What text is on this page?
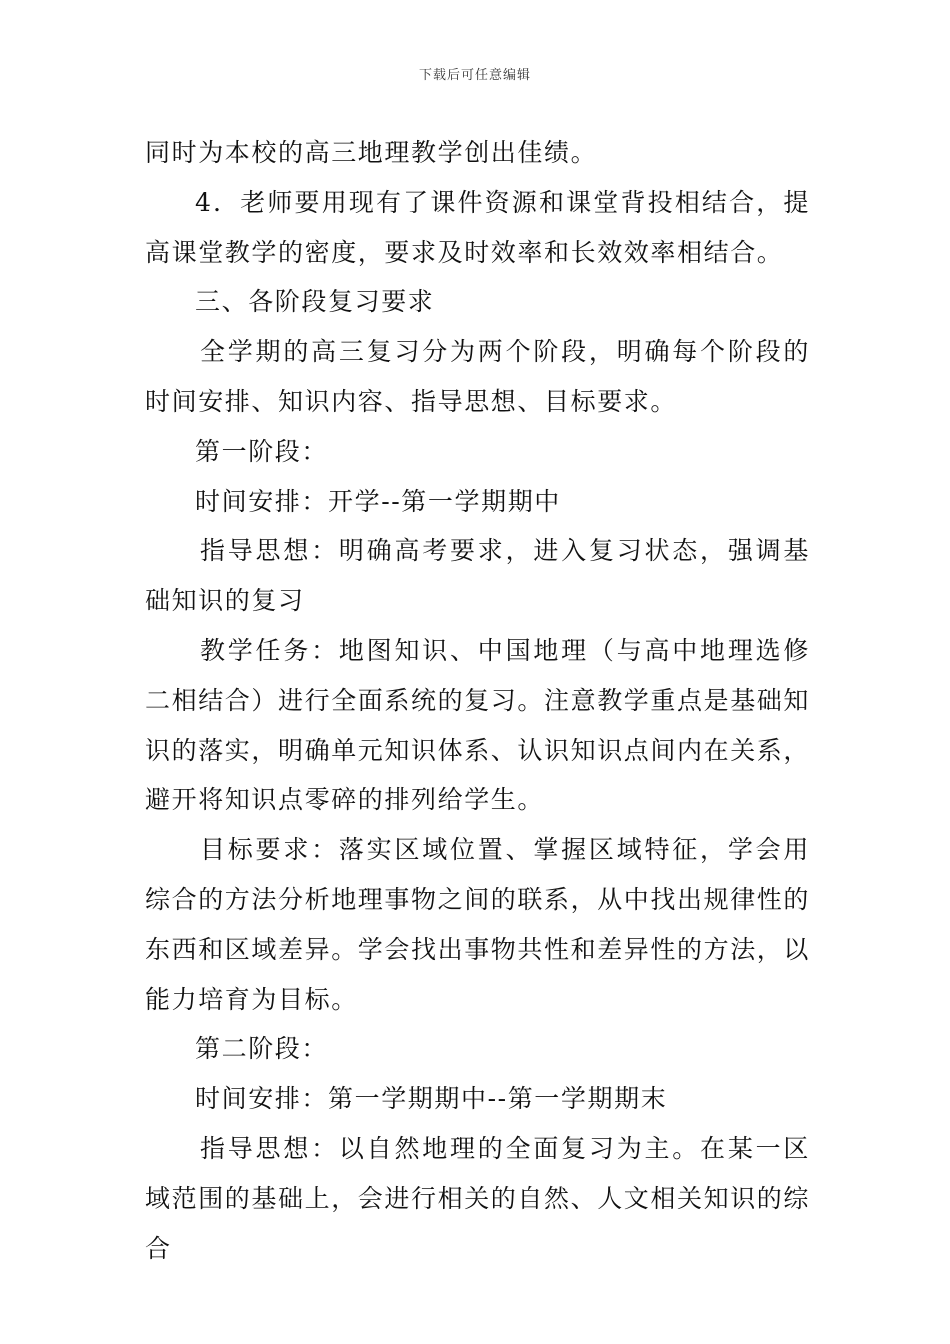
下载后可任意编辑

同时为本校的高三地理教学创出佳绩。

4．老师要用现有了课件资源和课堂背投相结合，提高课堂教学的密度，要求及时效率和长效效率相结合。

三、各阶段复习要求

全学期的高三复习分为两个阶段，明确每个阶段的时间安排、知识内容、指导思想、目标要求。

第一阶段：

时间安排：开学--第一学期期中

指导思想：明确高考要求，进入复习状态，强调基础知识的复习

教学任务：地图知识、中国地理（与高中地理选修二相结合）进行全面系统的复习。注意教学重点是基础知识的落实，明确单元知识体系、认识知识点间内在关系，避开将知识点零碎的排列给学生。

目标要求：落实区域位置、掌握区域特征，学会用综合的方法分析地理事物之间的联系，从中找出规律性的东西和区域差异。学会找出事物共性和差异性的方法，以能力培育为目标。

第二阶段：

时间安排：第一学期期中--第一学期期末

指导思想：以自然地理的全面复习为主。在某一区域范围的基础上，会进行相关的自然、人文相关知识的综合
